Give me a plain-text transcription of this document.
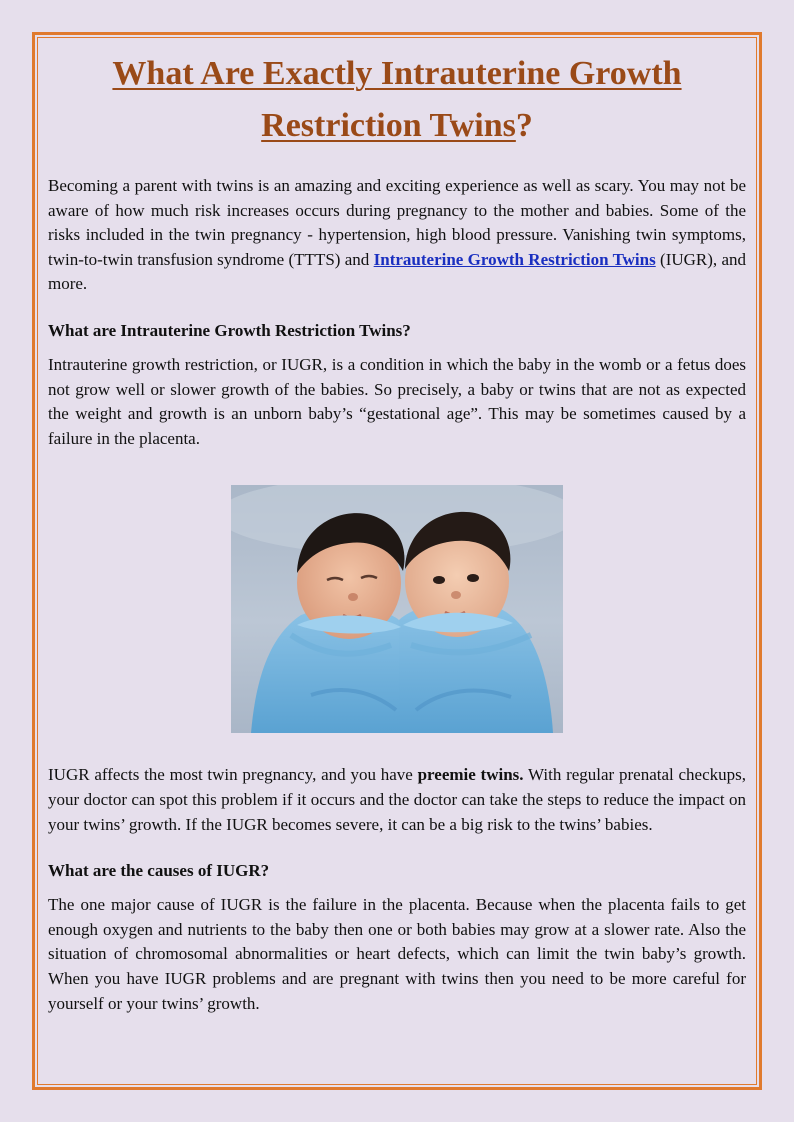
What Are Exactly Intrauterine Growth Restriction Twins?

Becoming a parent with twins is an amazing and exciting experience as well as scary. You may not be aware of how much risk increases occurs during pregnancy to the mother and babies. Some of the risks included in the twin pregnancy - hypertension, high blood pressure. Vanishing twin symptoms, twin-to-twin transfusion syndrome (TTTS) and Intrauterine Growth Restriction Twins (IUGR), and more.

What are Intrauterine Growth Restriction Twins?

Intrauterine growth restriction, or IUGR, is a condition in which the baby in the womb or a fetus does not grow well or slower growth of the babies. So precisely, a baby or twins that are not as expected the weight and growth is an unborn baby’s “gestational age”. This may be sometimes caused by a failure in the placenta.

IUGR affects the most twin pregnancy, and you have preemie twins. With regular prenatal checkups, your doctor can spot this problem if it occurs and the doctor can take the steps to reduce the impact on your twins’ growth. If the IUGR becomes severe, it can be a big risk to the twins’ babies.

What are the causes of IUGR?

The one major cause of IUGR is the failure in the placenta. Because when the placenta fails to get enough oxygen and nutrients to the baby then one or both babies may grow at a slower rate. Also the situation of chromosomal abnormalities or heart defects, which can limit the twin baby’s growth. When you have IUGR problems and are pregnant with twins then you need to be more careful for yourself or your twins’ growth.
